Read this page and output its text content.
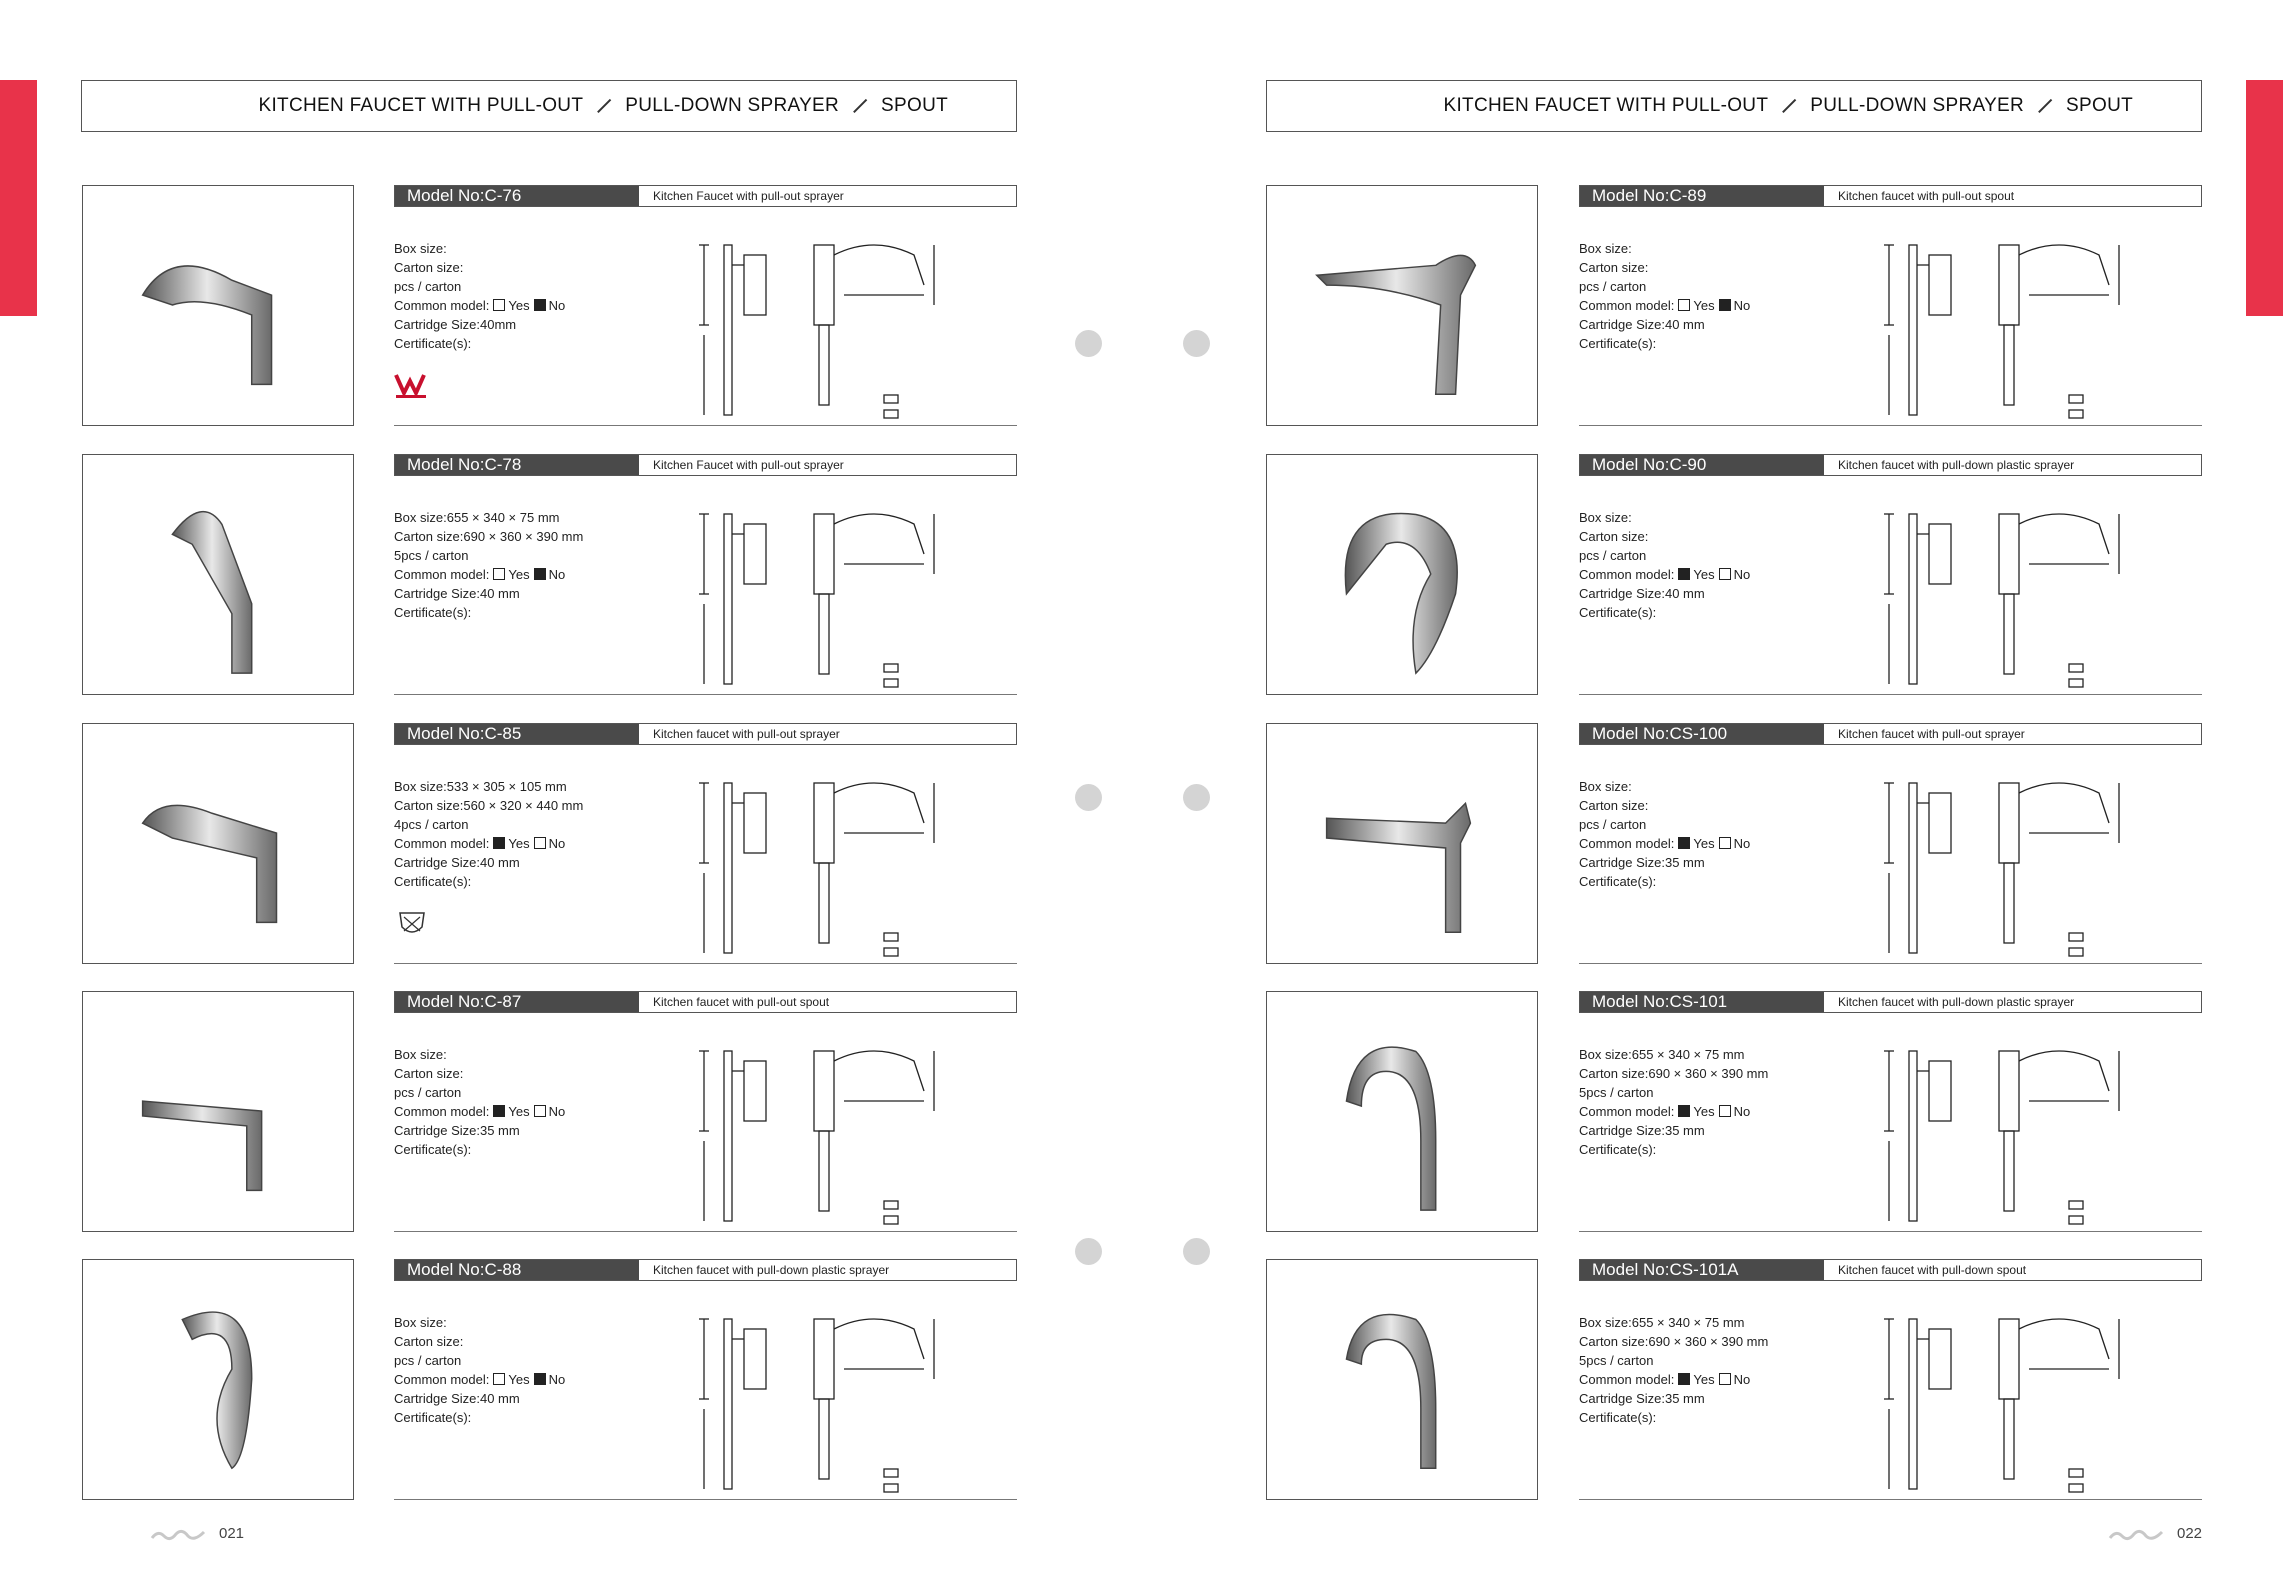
KITCHEN FAUCET WITH PULL-OUT PULL-DOWN SPRAYER SPOUT	KITCHEN FAUCET WITH PULL-OUT PULL-DOWN SPRAYER SPOUT
Model No:C-76	Kitchen Faucet with pull-out sprayer
Box size:
Carton size:
pcs / carton
Common model: Yes No
Cartridge Size:40mm
Certificate(s):
Model No:C-78	Kitchen Faucet with pull-out sprayer
Box size:655 × 340 × 75 mm
Carton size:690 × 360 × 390 mm
5pcs / carton
Common model: Yes No
Cartridge Size:40 mm
Certificate(s):
Model No:C-85	Kitchen faucet with pull-out sprayer
Box size:533 × 305 × 105 mm
Carton size:560 × 320 × 440 mm
4pcs / carton
Common model: Yes No
Cartridge Size:40 mm
Certificate(s):
Model No:C-87	Kitchen faucet with pull-out spout
Box size:
Carton size:
pcs / carton
Common model: Yes No
Cartridge Size:35 mm
Certificate(s):
Model No:C-88	Kitchen faucet with pull-down plastic sprayer
Box size:
Carton size:
pcs / carton
Common model: Yes No
Cartridge Size:40 mm
Certificate(s):
Model No:C-89	Kitchen faucet with pull-out spout
Box size:
Carton size:
pcs / carton
Common model: Yes No
Cartridge Size:40 mm
Certificate(s):
Model No:C-90	Kitchen faucet with pull-down plastic sprayer
Box size:
Carton size:
pcs / carton
Common model: Yes No
Cartridge Size:40 mm
Certificate(s):
Model No:CS-100	Kitchen faucet with pull-out sprayer
Box size:
Carton size:
pcs / carton
Common model: Yes No
Cartridge Size:35 mm
Certificate(s):
Model No:CS-101	Kitchen faucet with pull-down plastic sprayer
Box size:655 × 340 × 75 mm
Carton size:690 × 360 × 390 mm
5pcs / carton
Common model: Yes No
Cartridge Size:35 mm
Certificate(s):
Model No:CS-101A	Kitchen faucet with pull-down spout
Box size:655 × 340 × 75 mm
Carton size:690 × 360 × 390 mm
5pcs / carton
Common model: Yes No
Cartridge Size:35 mm
Certificate(s):
021	022
